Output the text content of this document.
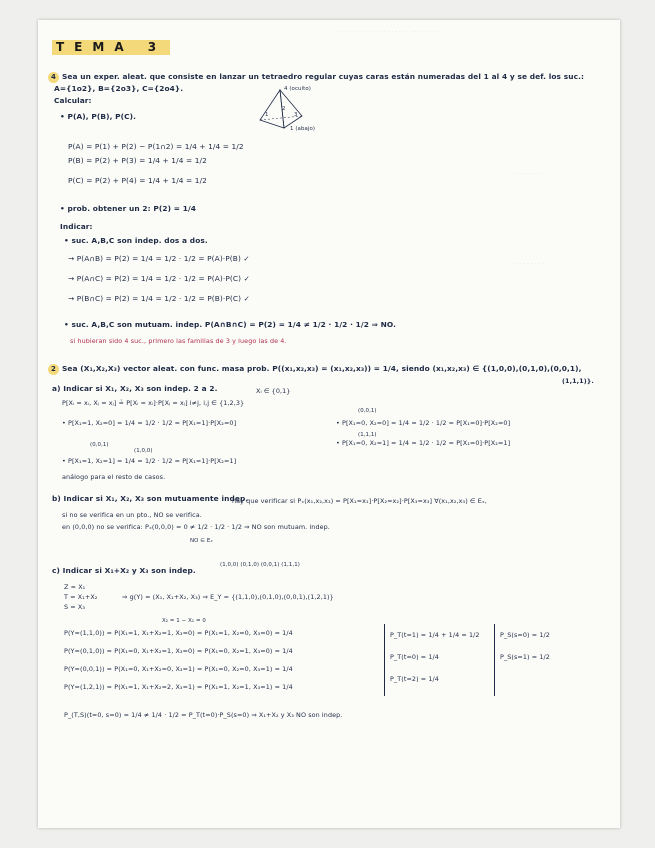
· · · · · · · · · · · · · · · · · · · · · · · · · · ·
· · · · · · · · · ·
· · · · · · · · · ·
TEMA 3
4 Sea un exper. aleat. que consiste en lanzar un tetraedro regular cuyas caras están numeradas del 1 al 4 y se def. los suc.:
A={1o2}, B={2o3}, C={2o4}.
Calcular:
4 (oculto)
1
2
3
1 (abajo)
• P(A), P(B), P(C).
P(A) = P(1) + P(2) − P(1∩2) = 1/4 + 1/4 = 1/2
P(B) = P(2) + P(3) = 1/4 + 1/4 = 1/2
P(C) = P(2) + P(4) = 1/4 + 1/4 = 1/2
• prob. obtener un 2: P(2) = 1/4
Indicar:
• suc. A,B,C son indep. dos a dos.
→ P(A∩B) = P(2) = 1/4 = 1/2 · 1/2 = P(A)·P(B) ✓
→ P(A∩C) = P(2) = 1/4 = 1/2 · 1/2 = P(A)·P(C) ✓
→ P(B∩C) = P(2) = 1/4 = 1/2 · 1/2 = P(B)·P(C) ✓
• suc. A,B,C son mutuam. indep. P(A∩B∩C) = P(2) = 1/4 ≠ 1/2 · 1/2 · 1/2 ⇒ NO.
si hubieran sido 4 suc., primero las familias de 3 y luego las de 4.
2 Sea (X₁,X₂,X₃) vector aleat. con func. masa prob. P((x₁,x₂,x₃) = (x₁,x₂,x₃)) = 1/4, siendo (x₁,x₂,x₃) ∈ {(1,0,0),(0,1,0),(0,0,1),
(1,1,1)}.
a) Indicar si X₁, X₂, X₃ son indep. 2 a 2.	Xᵢ ∈ {0,1}
P[Xᵢ = xᵢ, Xⱼ = xⱼ] ≟ P[Xᵢ = xᵢ]·P[Xⱼ = xⱼ] i≠j, i,j ∈ {1,2,3}
(0,0,1)
• P[X₁=1, X₂=0] = 1/4 = 1/2 · 1/2 = P[X₁=1]·P[X₂=0]	• P[X₁=0, X₂=0] = 1/4 = 1/2 · 1/2 = P[X₁=0]·P[X₂=0]
(1,1,1)
(0,0,1)
(1,0,0)
• P[X₁=0, X₂=1] = 1/4 = 1/2 · 1/2 = P[X₁=0]·P[X₂=1]
• P[X₁=1, X₂=1] = 1/4 = 1/2 · 1/2 = P[X₁=1]·P[X₂=1]
análogo para el resto de casos.
b) Indicar si X₁, X₂, X₃ son mutuamente indep.
hay que verificar si Pₓ(x₁,x₂,x₃) = P[X₁=x₁]·P[X₂=x₂]·P[X₃=x₃] ∀(x₁,x₂,x₃) ∈ Eₓ,
si no se verifica en un pto., NO se verifica.
en (0,0,0) no se verifica: Pₓ(0,0,0) = 0 ≠ 1/2 · 1/2 · 1/2 ⇒ NO son mutuam. indep.
NO ∈ Eₓ
c) Indicar si X₁+X₂ y X₃ son indep.
(1,0,0) (0,1,0) (0,0,1) (1,1,1)
Z = X₁
T = X₁+X₂
S = X₃
⇒ g(Y) = (X₁, X₁+X₂, X₃) ⇒ E_Y = {(1,1,0),(0,1,0),(0,0,1),(1,2,1)}
X₂ = 1 − X₁ = 0
P(Y=(1,1,0)) = P(X₁=1, X₁+X₂=1, X₃=0) = P(X₁=1, X₂=0, X₃=0) = 1/4
P(Y=(0,1,0)) = P(X₁=0, X₁+X₂=1, X₃=0) = P(X₁=0, X₂=1, X₃=0) = 1/4
P(Y=(0,0,1)) = P(X₁=0, X₁+X₂=0, X₃=1) = P(X₁=0, X₂=0, X₃=1) = 1/4
P(Y=(1,2,1)) = P(X₁=1, X₁+X₂=2, X₃=1) = P(X₁=1, X₂=1, X₃=1) = 1/4
P_T(t=1) = 1/4 + 1/4 = 1/2
P_T(t=0) = 1/4
P_T(t=2) = 1/4
P_S(s=0) = 1/2
P_S(s=1) = 1/2
P_(T,S)(t=0, s=0) = 1/4 ≠ 1/4 · 1/2 = P_T(t=0)·P_S(s=0) ⇒ X₁+X₂ y X₃ NO son indep.
